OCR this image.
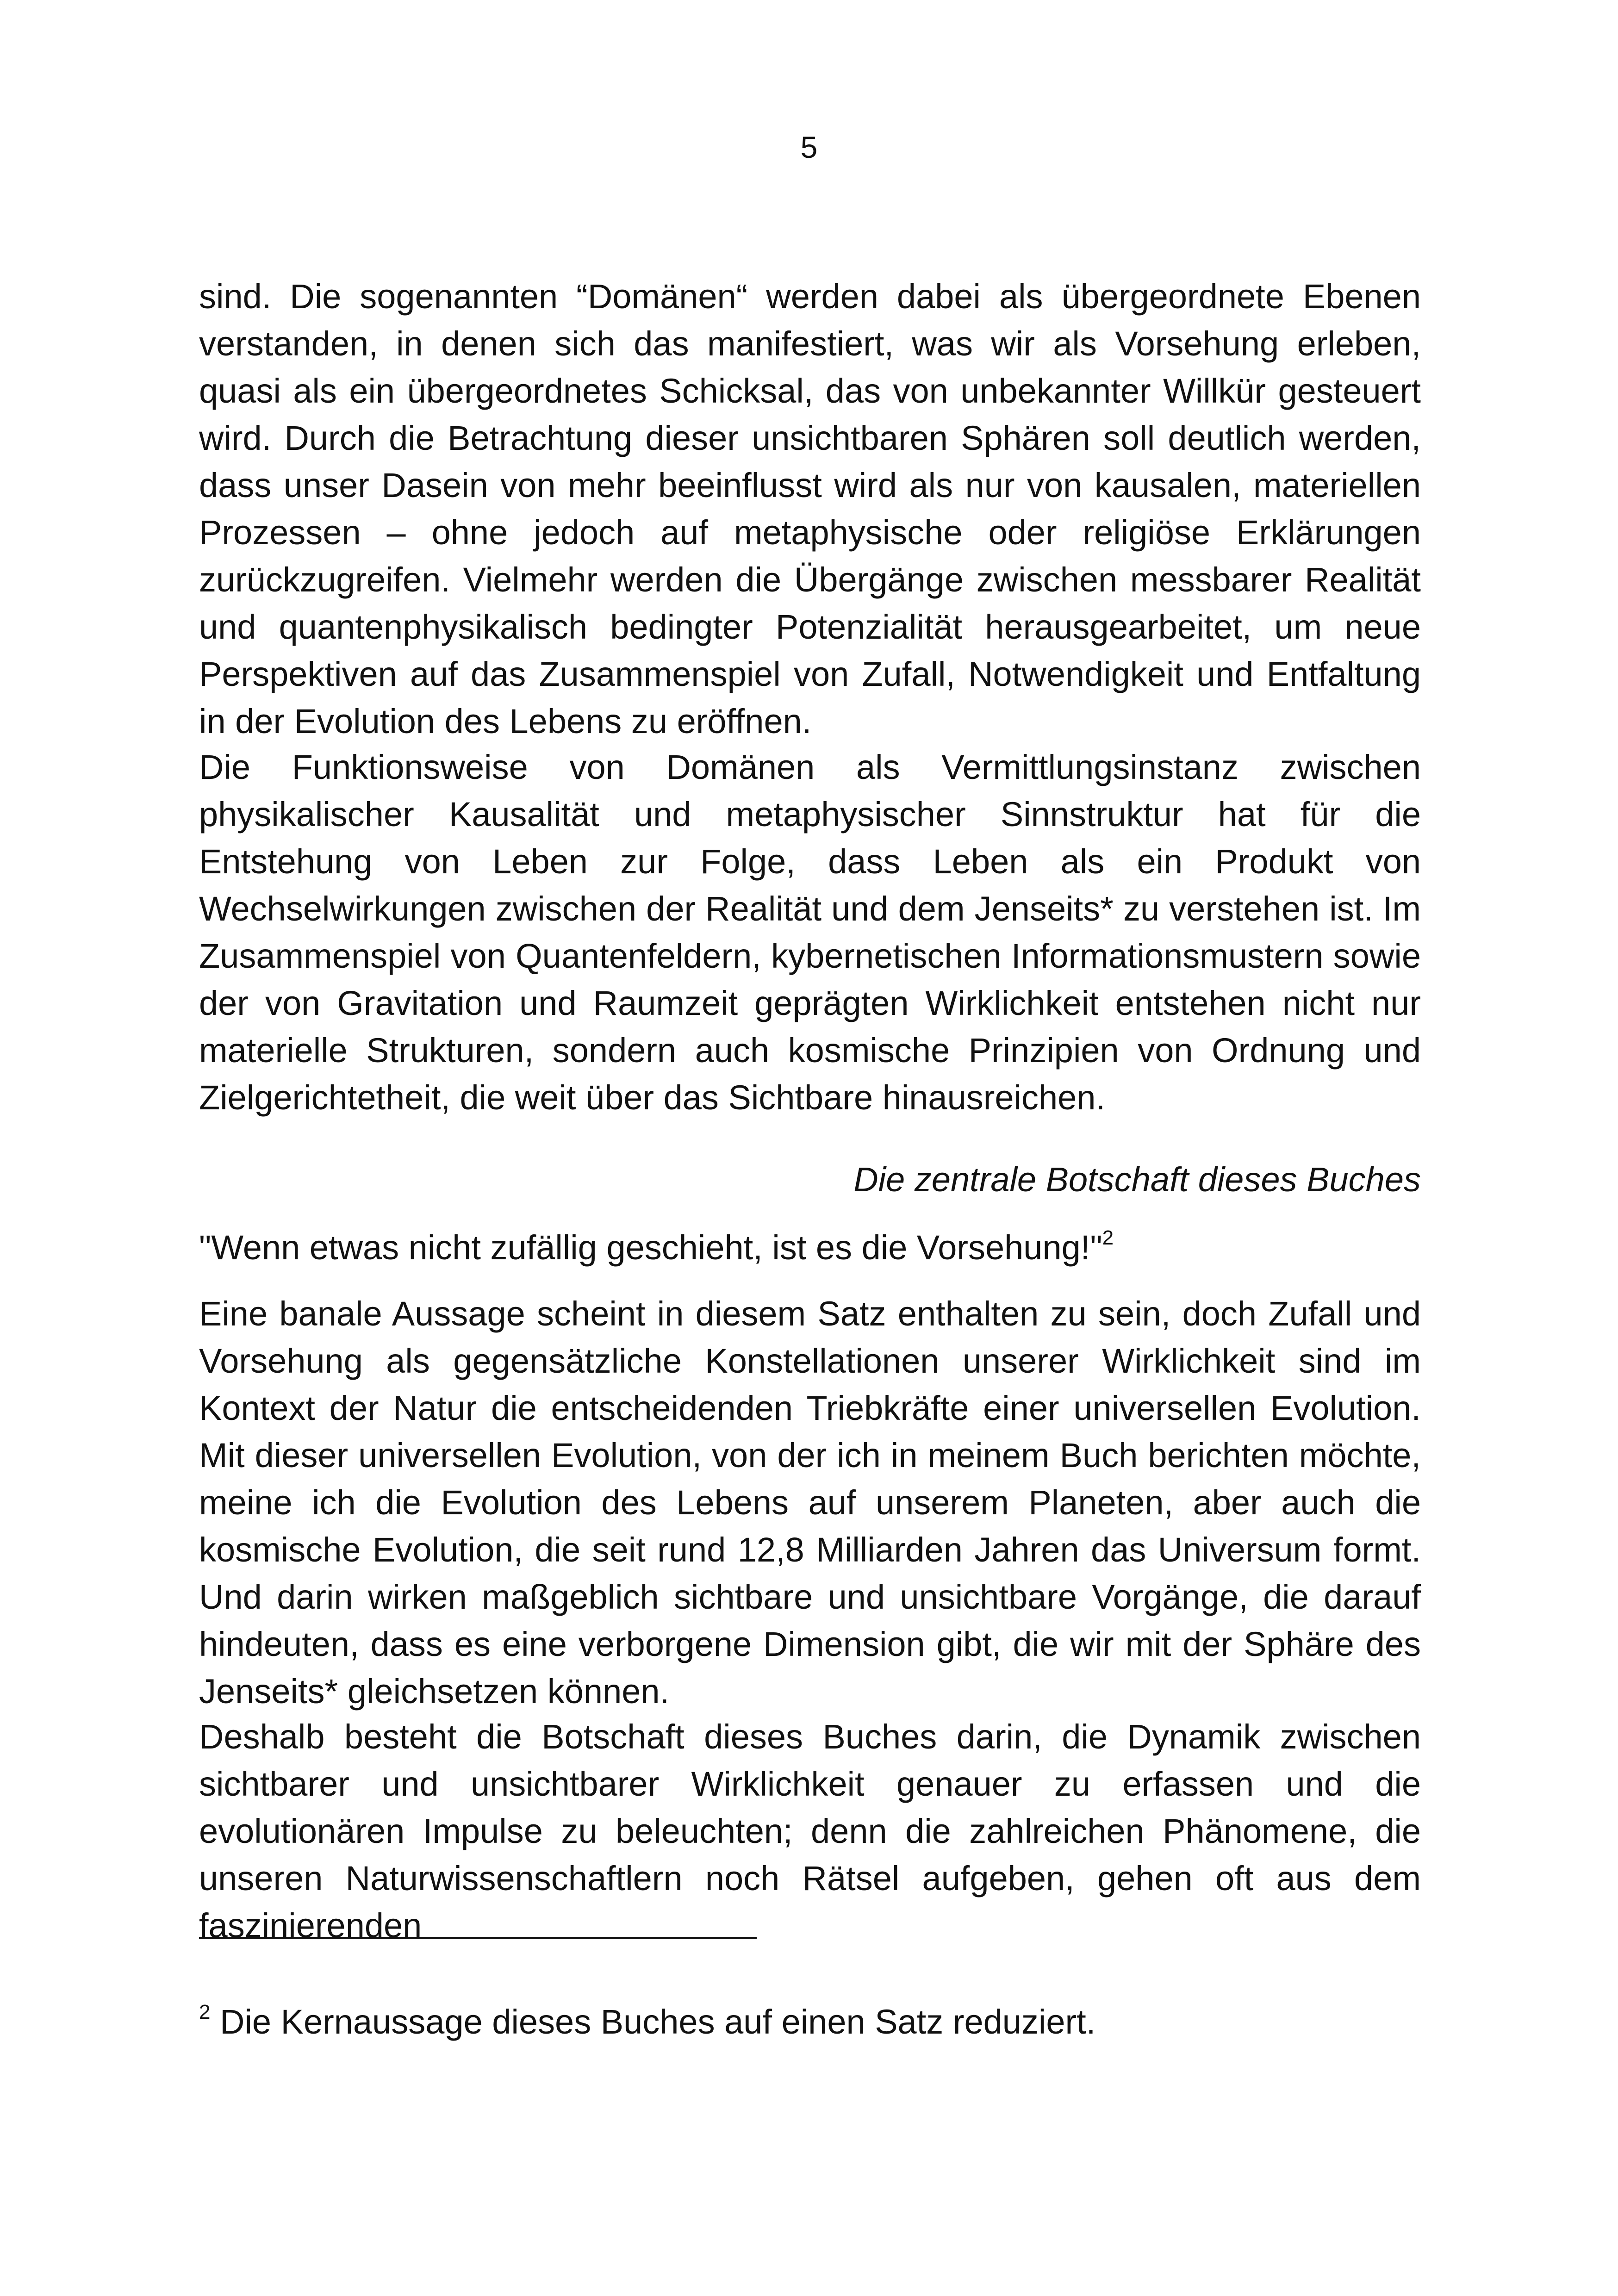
5

sind. Die sogenannten “Domänen“ werden dabei als übergeordnete Ebenen verstanden, in denen sich das manifestiert, was wir als Vorsehung erleben, quasi als ein übergeordnetes Schicksal, das von unbekannter Willkür gesteuert wird. Durch die Betrachtung dieser unsichtbaren Sphären soll deutlich werden, dass unser Dasein von mehr beeinflusst wird als nur von kausalen, materiellen Prozessen – ohne jedoch auf metaphysische oder religiöse Erklärungen zurückzugreifen. Vielmehr werden die Übergänge zwischen messbarer Realität und quantenphysikalisch bedingter Potenzialität herausgearbeitet, um neue Perspektiven auf das Zusammenspiel von Zufall, Notwendigkeit und Entfaltung in der Evolution des Lebens zu eröffnen.

Die Funktionsweise von Domänen als Vermittlungsinstanz zwischen physikalischer Kausalität und metaphysischer Sinnstruktur hat für die Entstehung von Leben zur Folge, dass Leben als ein Produkt von Wechselwirkungen zwischen der Realität und dem Jenseits* zu verstehen ist. Im Zusammenspiel von Quantenfeldern, kybernetischen Informationsmustern sowie der von Gravitation und Raumzeit geprägten Wirklichkeit entstehen nicht nur materielle Strukturen, sondern auch kosmische Prinzipien von Ordnung und Zielgerichtetheit, die weit über das Sichtbare hinausreichen.

Die zentrale Botschaft dieses Buches
"Wenn etwas nicht zufällig geschieht, ist es die Vorsehung!"$^2$

Eine banale Aussage scheint in diesem Satz enthalten zu sein, doch Zufall und Vorsehung als gegensätzliche Konstellationen unserer Wirklichkeit sind im Kontext der Natur die entscheidenden Triebkräfte einer universellen Evolution. Mit dieser universellen Evolution, von der ich in meinem Buch berichten möchte, meine ich die Evolution des Lebens auf unserem Planeten, aber auch die kosmische Evolution, die seit rund 12,8 Milliarden Jahren das Universum formt. Und darin wirken maßgeblich sichtbare und unsichtbare Vorgänge, die darauf hindeuten, dass es eine verborgene Dimension gibt, die wir mit der Sphäre des Jenseits* gleichsetzen können.

Deshalb besteht die Botschaft dieses Buches darin, die Dynamik zwischen sichtbarer und unsichtbarer Wirklichkeit genauer zu erfassen und die evolutionären Impulse zu beleuchten; denn die zahlreichen Phänomene, die unseren Naturwissenschaftlern noch Rätsel aufgeben, gehen oft aus dem faszinierenden

$^2$ Die Kernaussage dieses Buches auf einen Satz reduziert.
